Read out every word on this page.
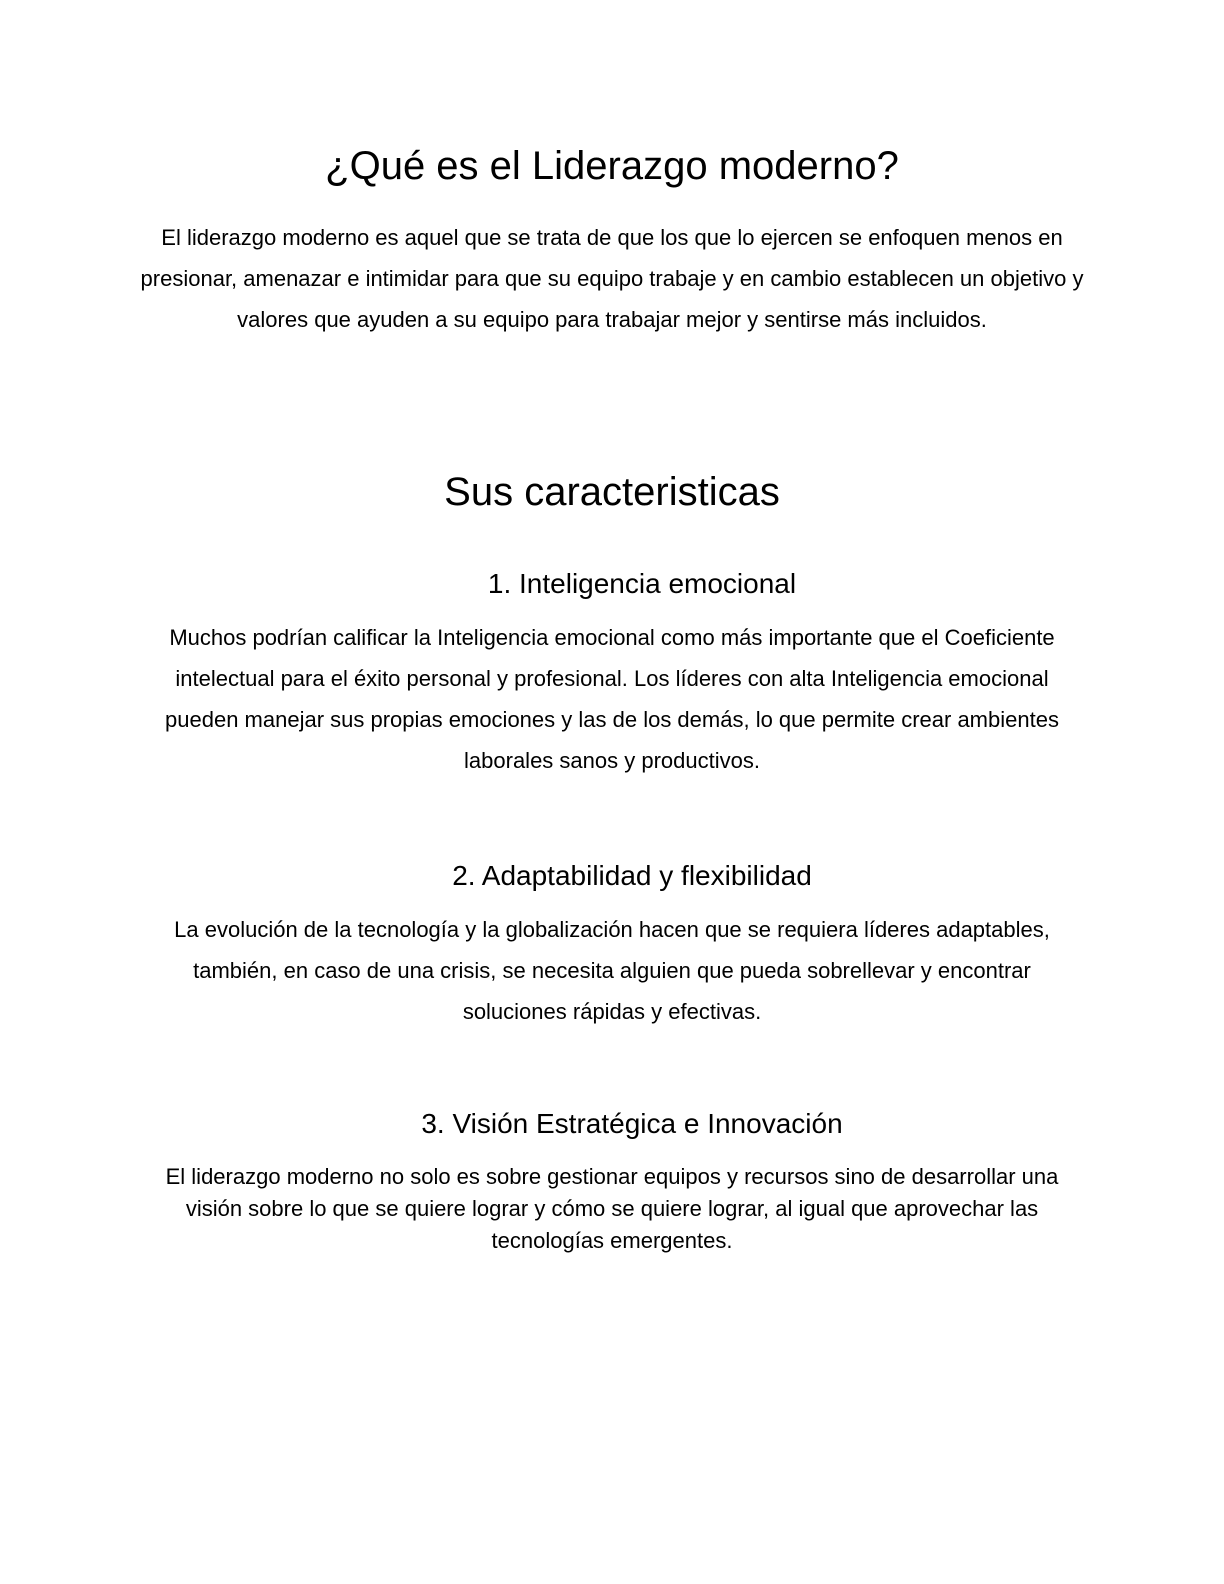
¿Qué es el Liderazgo moderno?

El liderazgo moderno es aquel que se trata de que los que lo ejercen se enfoquen menos en presionar, amenazar e intimidar para que su equipo trabaje y en cambio establecen un objetivo y valores que ayuden a su equipo para trabajar mejor y sentirse más incluidos.

Sus caracteristicas
1. Inteligencia emocional

Muchos podrían calificar la Inteligencia emocional como más importante que el Coeficiente intelectual para el éxito personal y profesional. Los líderes con alta Inteligencia emocional pueden manejar sus propias emociones y las de los demás, lo que permite crear ambientes laborales sanos y productivos.

2. Adaptabilidad y flexibilidad

La evolución de la tecnología y la globalización hacen que se requiera líderes adaptables, también, en caso de una crisis, se necesita alguien que pueda sobrellevar y encontrar soluciones rápidas y efectivas.

3. Visión Estratégica e Innovación

El liderazgo moderno no solo es sobre gestionar equipos y recursos sino de desarrollar una visión sobre lo que se quiere lograr y cómo se quiere lograr, al igual que aprovechar las tecnologías emergentes.
